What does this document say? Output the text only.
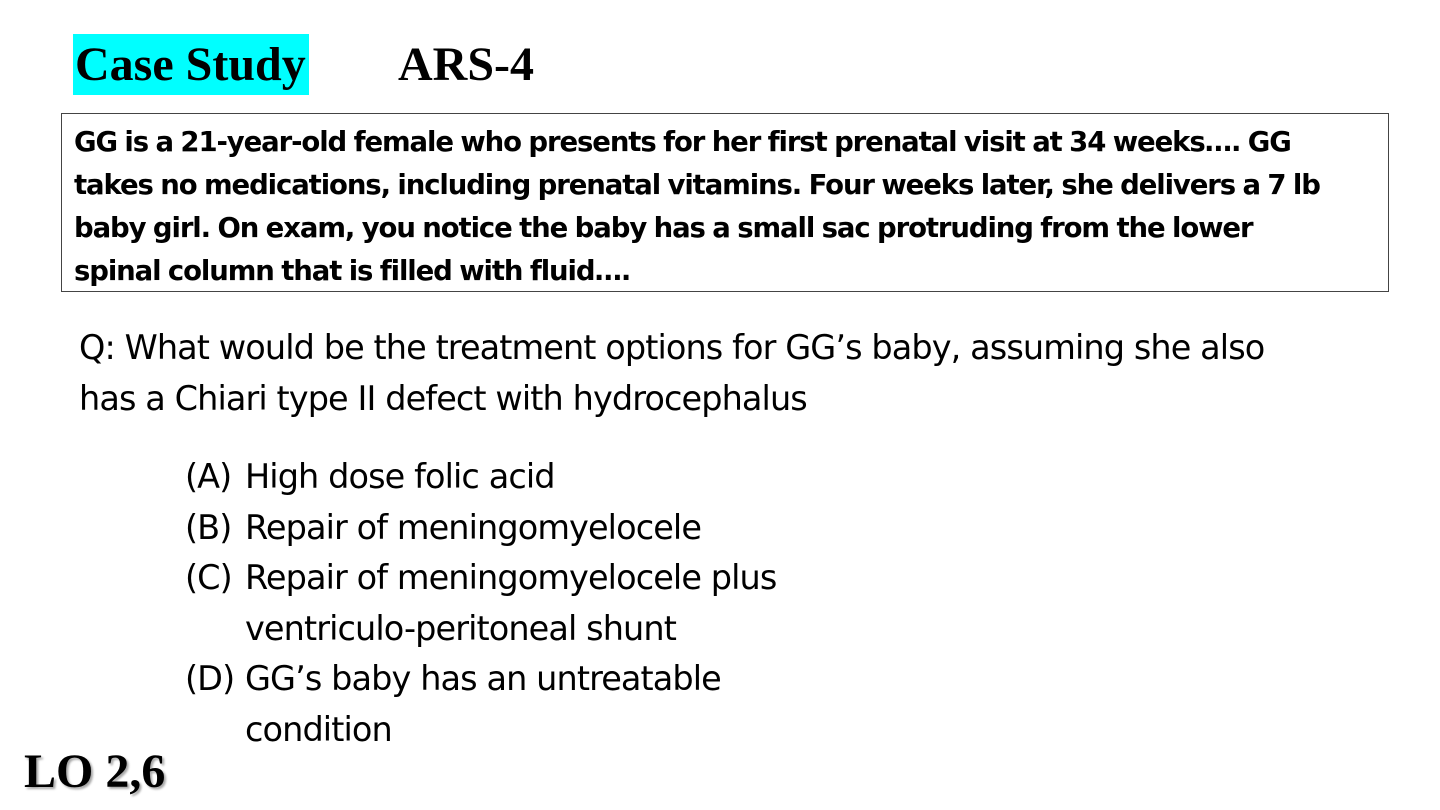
Case Study ARS-4
GG is a 21-year-old female who presents for her first prenatal visit at 34 weeks…. GG
takes no medications, including prenatal vitamins. Four weeks later, she delivers a 7 lb
baby girl. On exam, you notice the baby has a small sac protruding from the lower
spinal column that is filled with fluid….
Q: What would be the treatment options for GG’s baby, assuming she also
has a Chiari type II defect with hydrocephalus
(A) High dose folic acid
(B) Repair of meningomyelocele
(C) Repair of meningomyelocele plus
ventriculo-peritoneal shunt
(D) GG’s baby has an untreatable
condition
LO 2,6
